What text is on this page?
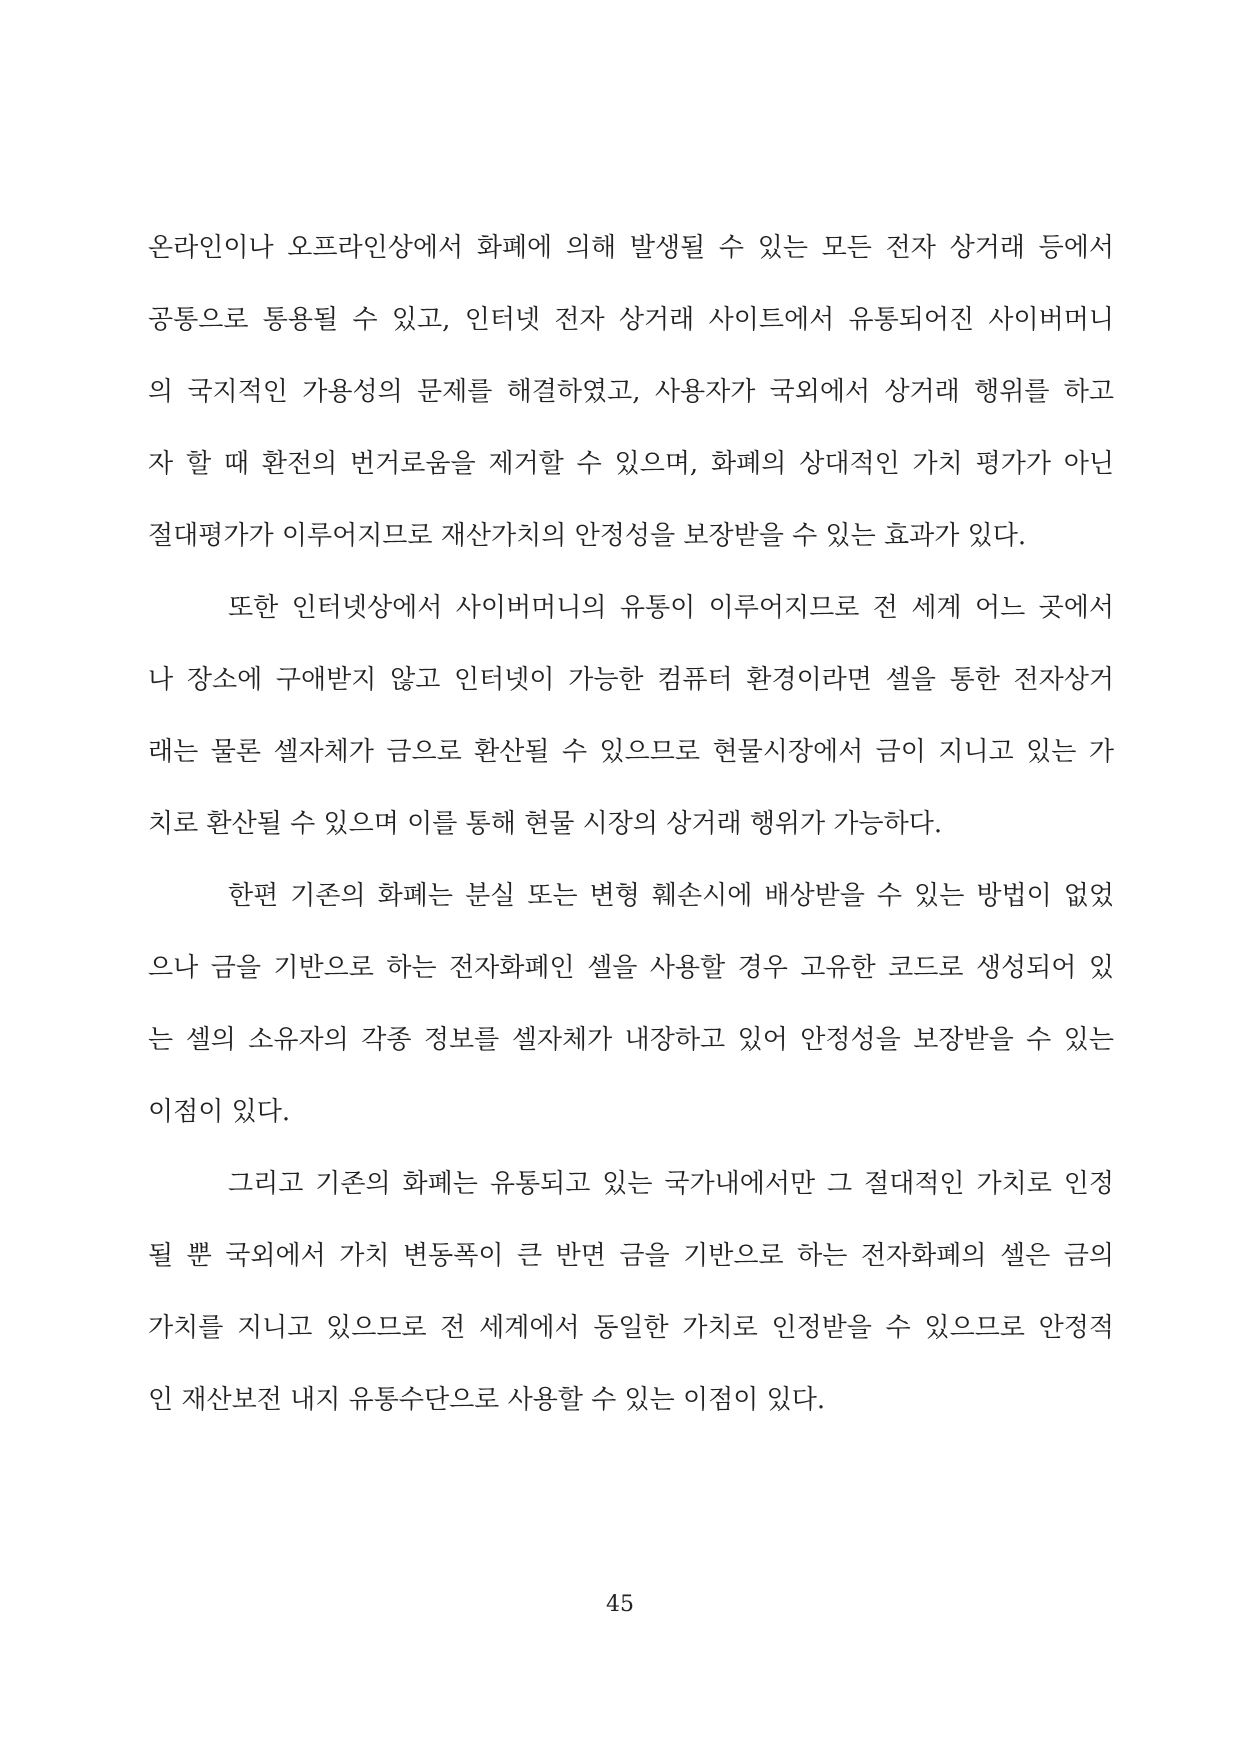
온라인이나 오프라인상에서 화폐에 의해 발생될 수 있는 모든 전자 상거래 등에서
공통으로 통용될 수 있고, 인터넷 전자 상거래 사이트에서 유통되어진 사이버머니
의 국지적인 가용성의 문제를 해결하였고, 사용자가 국외에서 상거래 행위를 하고
자 할 때 환전의 번거로움을 제거할 수 있으며, 화폐의 상대적인 가치 평가가 아닌
절대평가가 이루어지므로 재산가치의 안정성을 보장받을 수 있는 효과가 있다.
또한 인터넷상에서 사이버머니의 유통이 이루어지므로 전 세계 어느 곳에서
나 장소에 구애받지 않고 인터넷이 가능한 컴퓨터 환경이라면 셀을 통한 전자상거
래는 물론 셀자체가 금으로 환산될 수 있으므로 현물시장에서 금이 지니고 있는 가
치로 환산될 수 있으며 이를 통해 현물 시장의 상거래 행위가 가능하다.
한편 기존의 화폐는 분실 또는 변형 훼손시에 배상받을 수 있는 방법이 없었
으나 금을 기반으로 하는 전자화폐인 셀을 사용할 경우 고유한 코드로 생성되어 있
는 셀의 소유자의 각종 정보를 셀자체가 내장하고 있어 안정성을 보장받을 수 있는
이점이 있다.
그리고 기존의 화폐는 유통되고 있는 국가내에서만 그 절대적인 가치로 인정
될 뿐 국외에서 가치 변동폭이 큰 반면 금을 기반으로 하는 전자화폐의 셀은 금의
가치를 지니고 있으므로 전 세계에서 동일한 가치로 인정받을 수 있으므로 안정적
인 재산보전 내지 유통수단으로 사용할 수 있는 이점이 있다.
45
